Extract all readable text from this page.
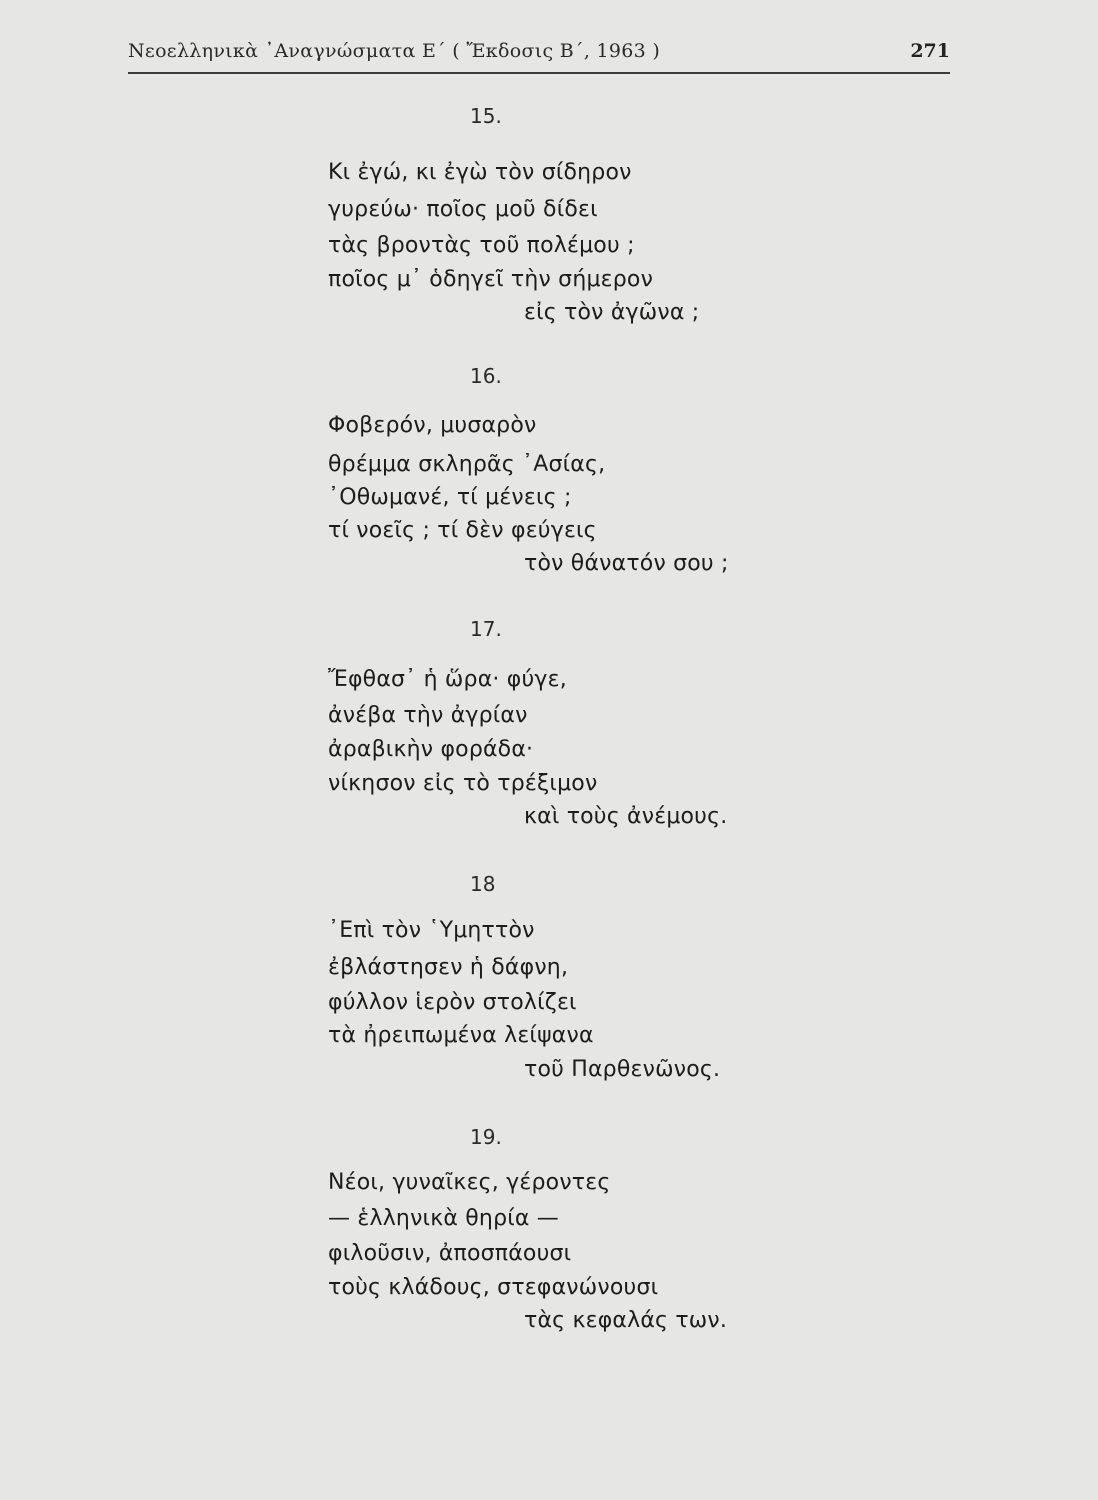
Νεοελληνικὰ ᾿Αναγνώσματα Ε΄ ( Ἔκδοσις Β΄, 1963 )	271
15.
Κι ἐγώ, κι ἐγὼ τὸν σίδηρον
γυρεύω· ποῖος μοῦ δίδει
τὰς βροντὰς τοῦ πολέμου ;
ποῖος μ᾿ ὁδηγεῖ τὴν σήμερον
εἰς τὸν ἀγῶνα ;
16.
Φοβερόν, μυσαρὸν
θρέμμα σκληρᾶς ᾿Ασίας,
᾿Οθωμανέ, τί μένεις ;
τί νοεῖς ; τί δὲν φεύγεις
τὸν θάνατόν σου ;
17.
Ἔφθασ᾿ ἡ ὥρα· φύγε,
ἀνέβα τὴν ἀγρίαν
ἀραβικὴν φοράδα·
νίκησον εἰς τὸ τρέξιμον
καὶ τοὺς ἀνέμους.
18
᾿Επὶ τὸν ῾Υμηττὸν
ἐβλάστησεν ἡ δάφνη,
φύλλον ἱερὸν στολίζει
τὰ ἠρειπωμένα λείψανα
τοῦ Παρθενῶνος.
19.
Νέοι, γυναῖκες, γέροντες
— ἑλληνικὰ θηρία —
φιλοῦσιν, ἀποσπάουσι
τοὺς κλάδους, στεφανώνουσι
τὰς κεφαλάς των.
